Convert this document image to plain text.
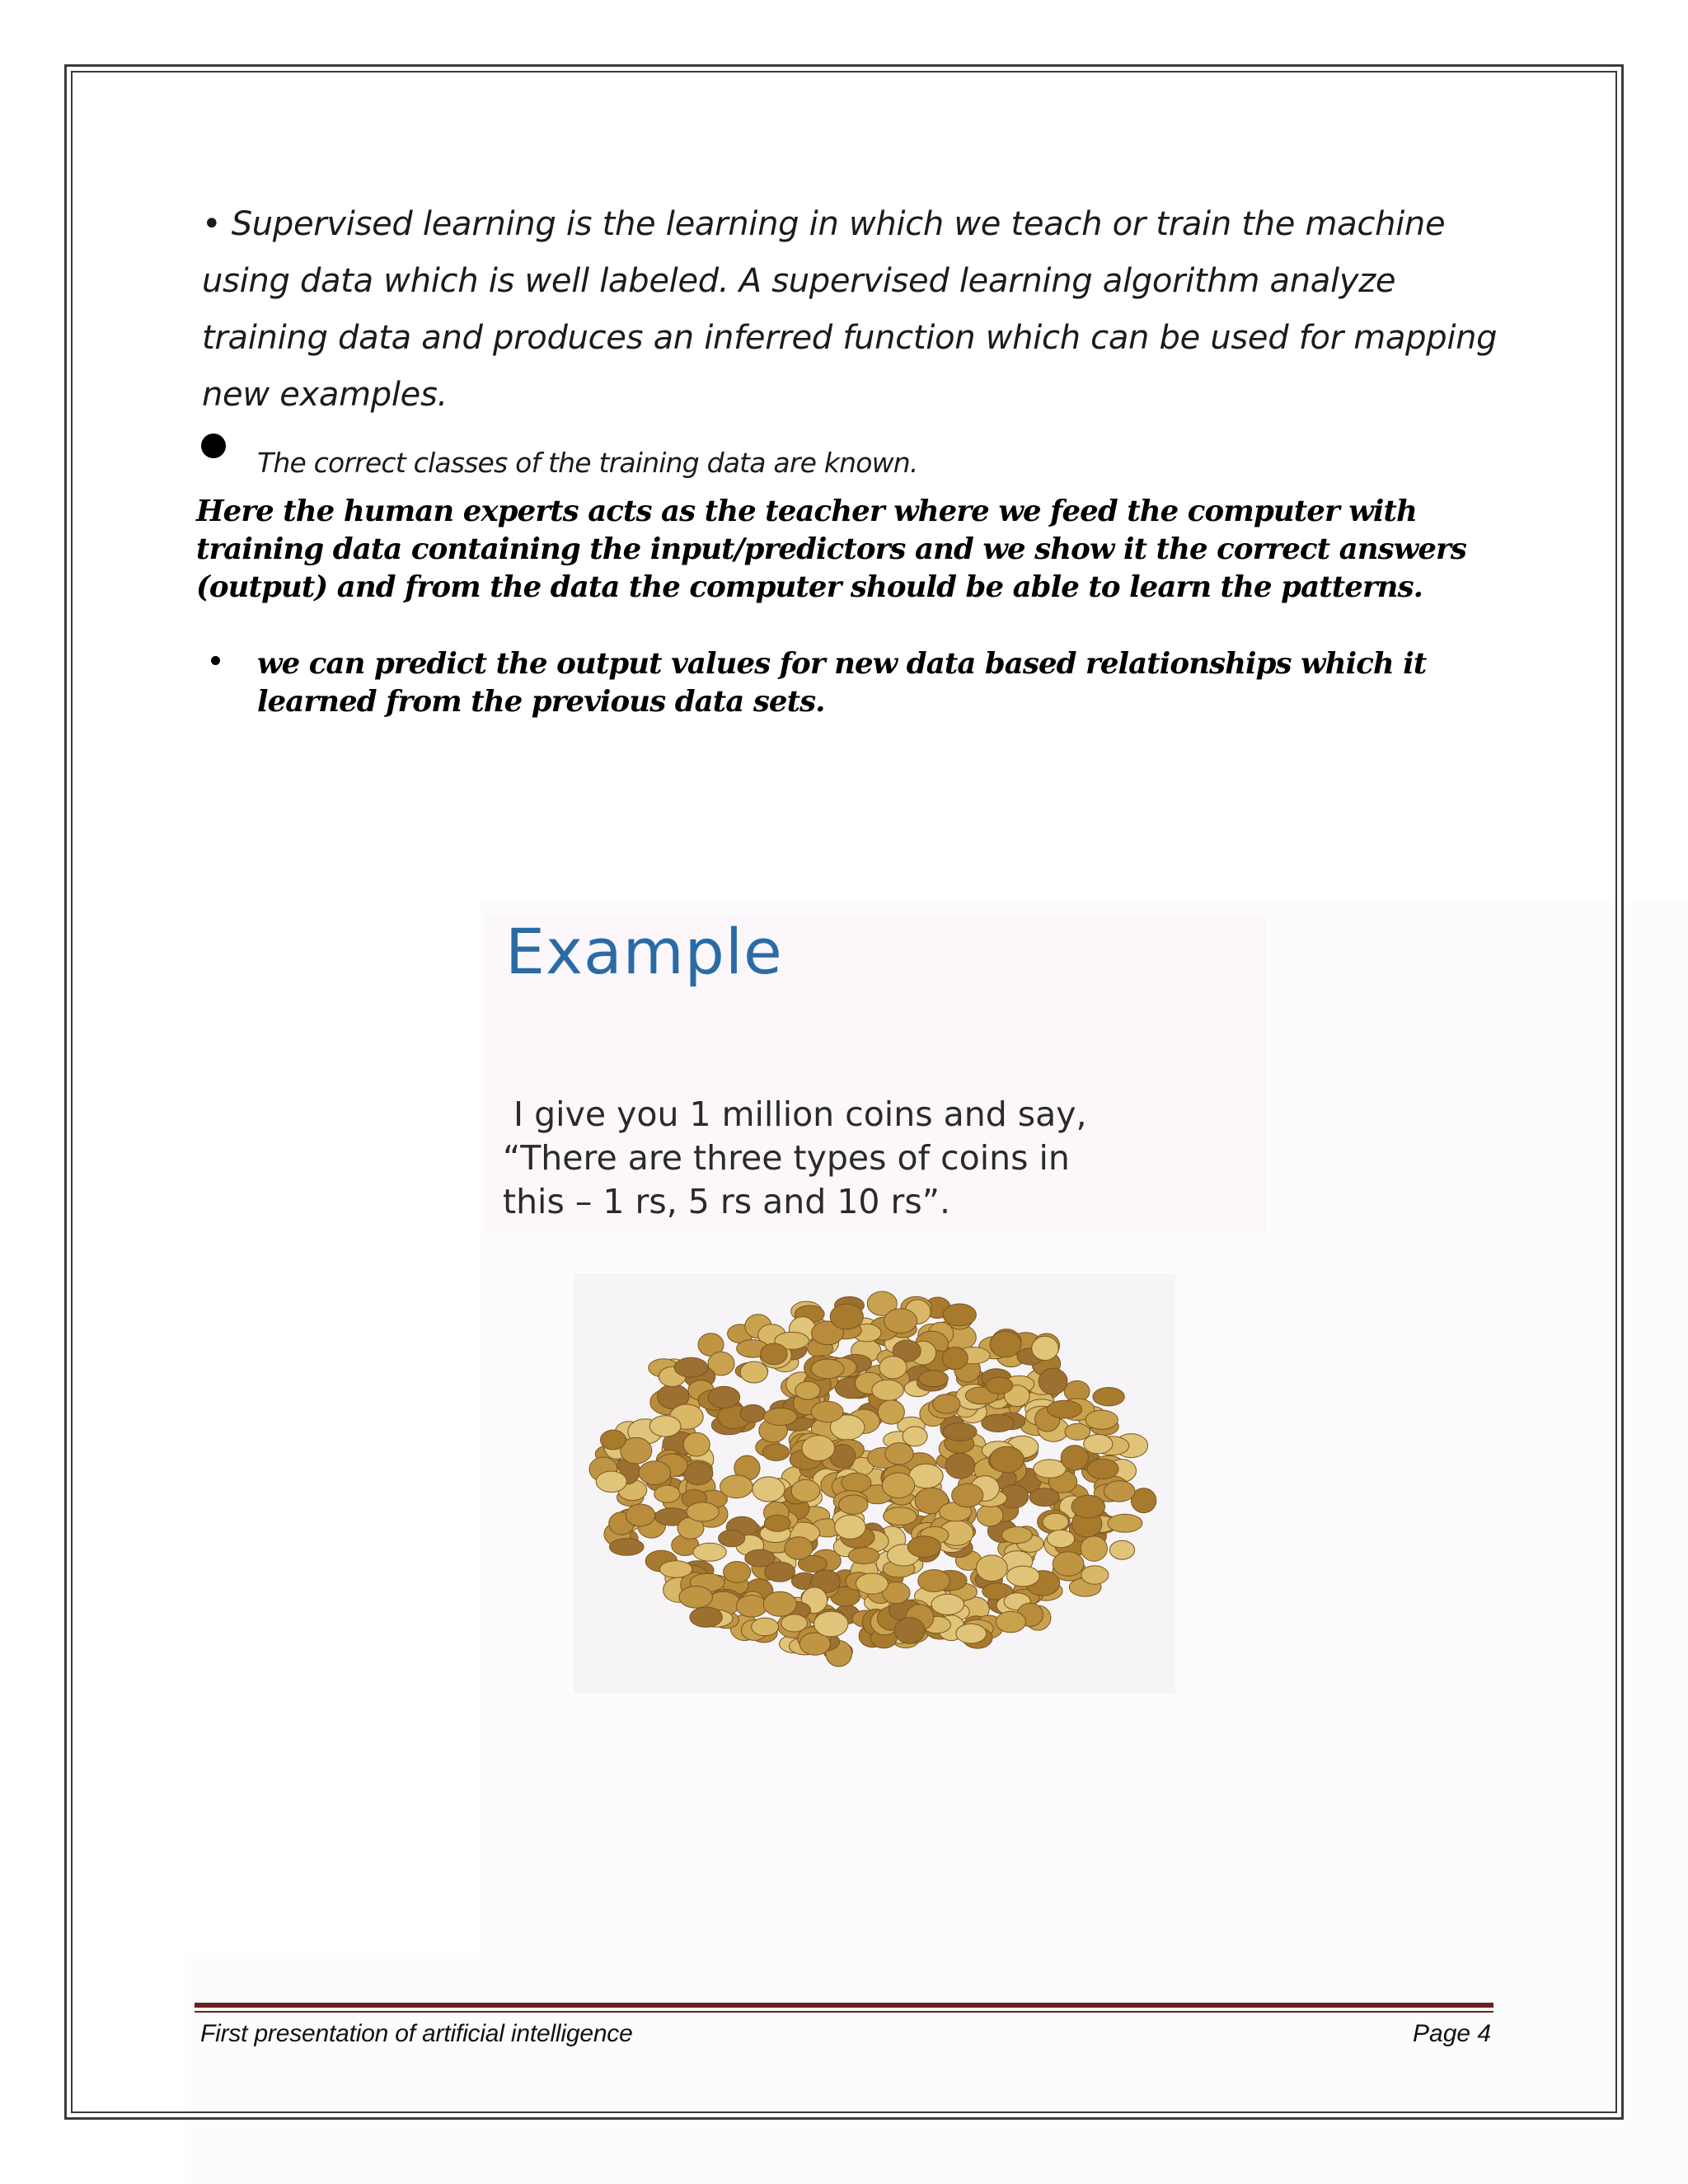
• Supervised learning is the learning in which we teach or train the machine using data which is well labeled. A supervised learning algorithm analyze training data and produces an inferred function which can be used for mapping new examples.

The correct classes of the training data are known.

Here the human experts acts as the teacher where we feed the computer with training data containing the input/predictors and we show it the correct answers (output) and from the data the computer should be able to learn the patterns.

we can predict the output values for new data based relationships which it learned from the previous data sets.

Example

I give you 1 million coins and say,
“There are three types of coins in
this – 1 rs, 5 rs and 10 rs”.

First presentation of artificial intelligence	Page 4
